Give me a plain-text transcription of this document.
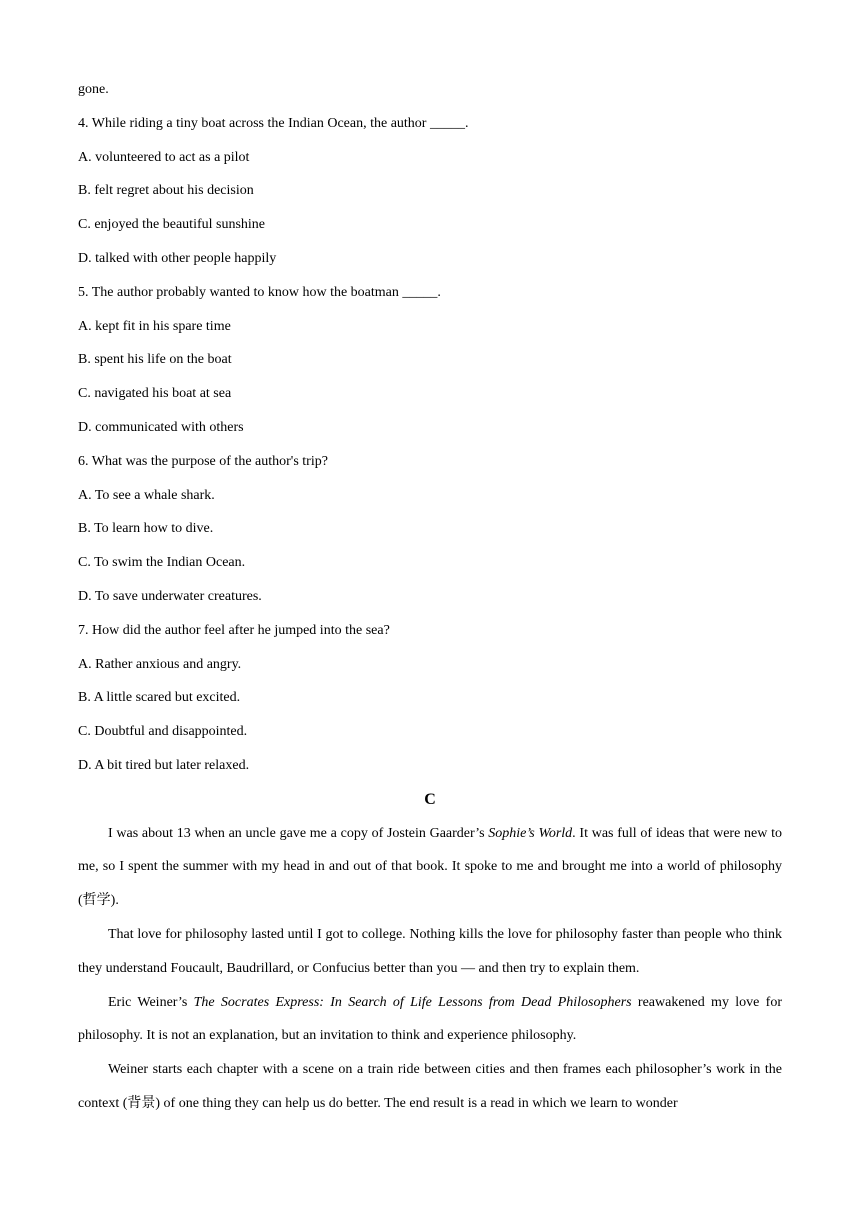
gone.

4. While riding a tiny boat across the Indian Ocean, the author _____.

A. volunteered to act as a pilot

B. felt regret about his decision

C. enjoyed the beautiful sunshine

D. talked with other people happily

5. The author probably wanted to know how the boatman _____.

A. kept fit in his spare time

B. spent his life on the boat

C. navigated his boat at sea

D. communicated with others

6. What was the purpose of the author's trip?

A. To see a whale shark.

B. To learn how to dive.

C. To swim the Indian Ocean.

D. To save underwater creatures.

7. How did the author feel after he jumped into the sea?

A. Rather anxious and angry.

B. A little scared but excited.

C. Doubtful and disappointed.

D. A bit tired but later relaxed.

C

I was about 13 when an uncle gave me a copy of Jostein Gaarder’s Sophie’s World. It was full of ideas that were new to me, so I spent the summer with my head in and out of that book. It spoke to me and brought me into a world of philosophy (哲学).

That love for philosophy lasted until I got to college. Nothing kills the love for philosophy faster than people who think they understand Foucault, Baudrillard, or Confucius better than you — and then try to explain them.

Eric Weiner’s The Socrates Express: In Search of Life Lessons from Dead Philosophers reawakened my love for philosophy. It is not an explanation, but an invitation to think and experience philosophy.

Weiner starts each chapter with a scene on a train ride between cities and then frames each philosopher’s work in the context (背景) of one thing they can help us do better. The end result is a read in which we learn to wonder
